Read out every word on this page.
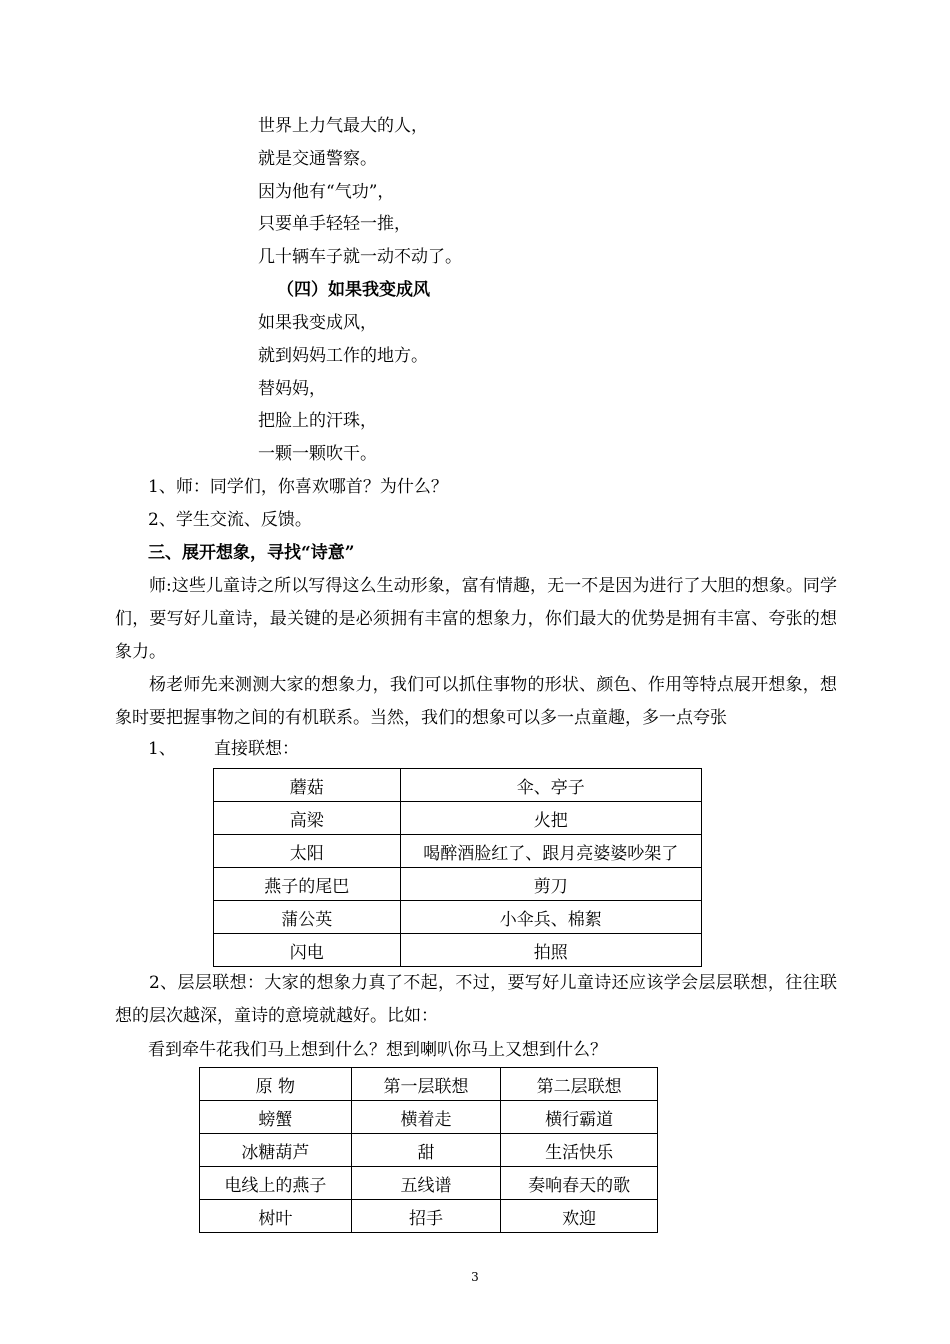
世界上力气最大的人，
就是交通警察。
因为他有“气功”，
只要单手轻轻一推，
几十辆车子就一动不动了。
（四）如果我变成风
如果我变成风，
就到妈妈工作的地方。
替妈妈，
把脸上的汗珠，
一颗一颗吹干。
1、师：同学们，你喜欢哪首？为什么？
2、学生交流、反馈。
三、展开想象，寻找“诗意”
师:这些儿童诗之所以写得这么生动形象，富有情趣，无一不是因为进行了大胆的想象。同学们，要写好儿童诗，最关键的是必须拥有丰富的想象力，你们最大的优势是拥有丰富、夸张的想象力。
杨老师先来测测大家的想象力，我们可以抓住事物的形状、颜色、作用等特点展开想象，想象时要把握事物之间的有机联系。当然，我们的想象可以多一点童趣，多一点夸张
1、 直接联想：
蘑菇	伞、亭子
高梁	火把
太阳	喝醉酒脸红了、跟月亮婆婆吵架了
燕子的尾巴	剪刀
蒲公英	小伞兵、棉絮
闪电	拍照
2、层层联想：大家的想象力真了不起，不过，要写好儿童诗还应该学会层层联想，往往联想的层次越深，童诗的意境就越好。比如：
看到牵牛花我们马上想到什么？想到喇叭你马上又想到什么？
原 物	第一层联想	第二层联想
螃蟹	横着走	横行霸道
冰糖葫芦	甜	生活快乐
电线上的燕子	五线谱	奏响春天的歌
树叶	招手	欢迎
3
